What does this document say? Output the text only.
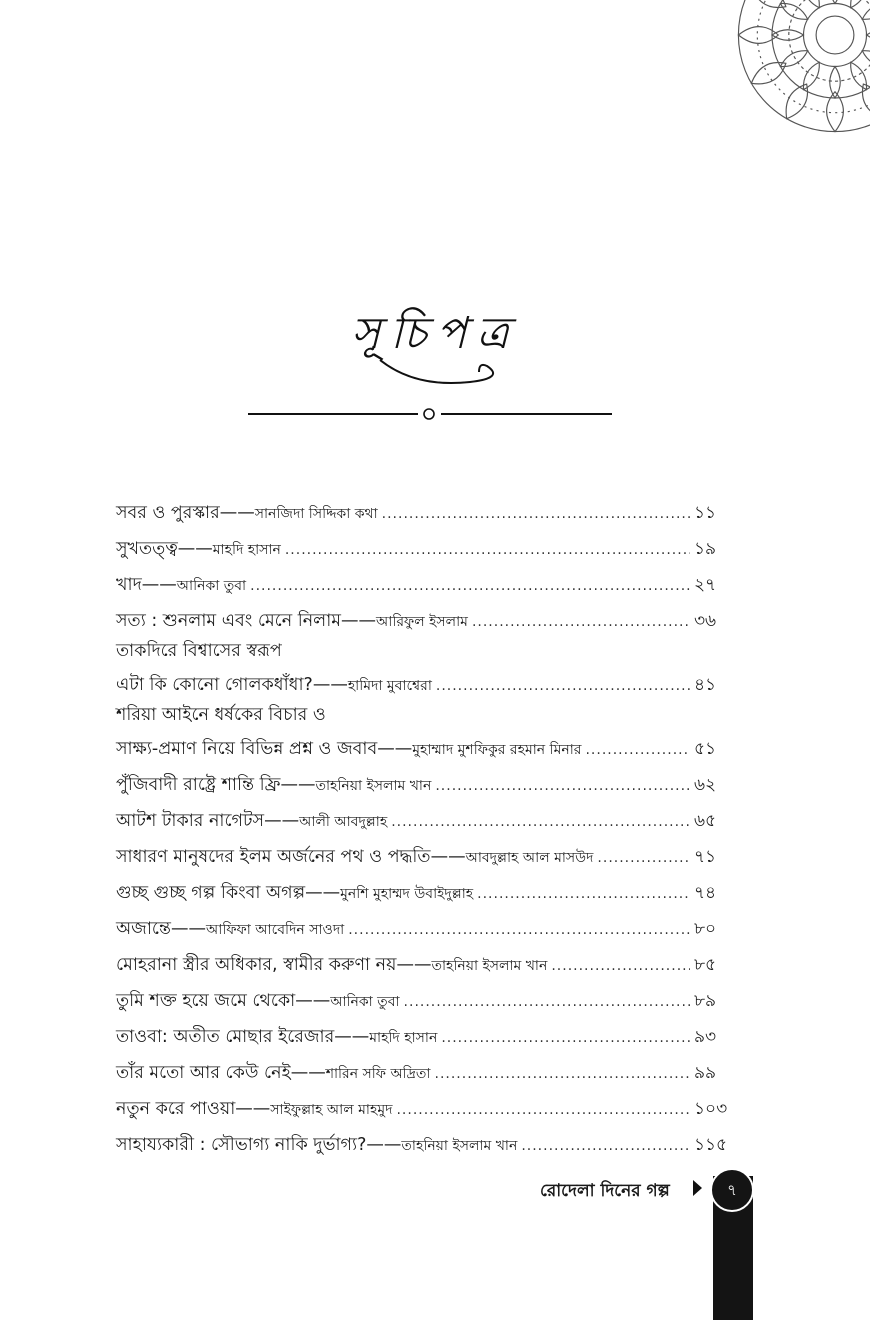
সূচিপত্র
সবর ও পুরস্কার —— সানজিদা সিদ্দিকা কথা .....	১১
সুখতত্ত্ব —— মাহদি হাসান .....	১৯
খাদ —— আনিকা তুবা .....	২৭
সত্য : শুনলাম এবং মেনে নিলাম —— আরিফুল ইসলাম .....	৩৬
তাকদিরে বিশ্বাসের স্বরূপ
এটা কি কোনো গোলকধাঁধা? —— হামিদা মুবাশ্বেরা .....	৪১
শরিয়া আইনে ধর্ষকের বিচার ও
সাক্ষ্য-প্রমাণ নিয়ে বিভিন্ন প্রশ্ন ও জবাব —— মুহাম্মাদ মুশফিকুর রহমান মিনার .....	৫১
পুঁজিবাদী রাষ্ট্রে শান্তি ফ্রি —— তাহনিয়া ইসলাম খান .....	৬২
আটশ টাকার নাগেটস —— আলী আবদুল্লাহ .....	৬৫
সাধারণ মানুষদের ইলম অর্জনের পথ ও পদ্ধতি —— আবদুল্লাহ আল মাসউদ .....	৭১
গুচ্ছ গুচ্ছ গল্প কিংবা অগল্প —— মুনশি মুহাম্মদ উবাইদুল্লাহ .....	৭৪
অজান্তে —— আফিফা আবেদিন সাওদা .....	৮০
মোহরানা স্ত্রীর অধিকার, স্বামীর করুণা নয় —— তাহনিয়া ইসলাম খান .....	৮৫
তুমি শক্ত হয়ে জমে থেকো —— আনিকা তুবা .....	৮৯
তাওবা: অতীত মোছার ইরেজার —— মাহদি হাসান .....	৯৩
তাঁর মতো আর কেউ নেই —— শারিন সফি অদ্রিতা .....	৯৯
নতুন করে পাওয়া —— সাইফুল্লাহ আল মাহমুদ .....	১০৩
সাহায্যকারী : সৌভাগ্য নাকি দুর্ভাগ্য? —— তাহনিয়া ইসলাম খান .....	১১৫
রোদেলা দিনের গল্প	৭
